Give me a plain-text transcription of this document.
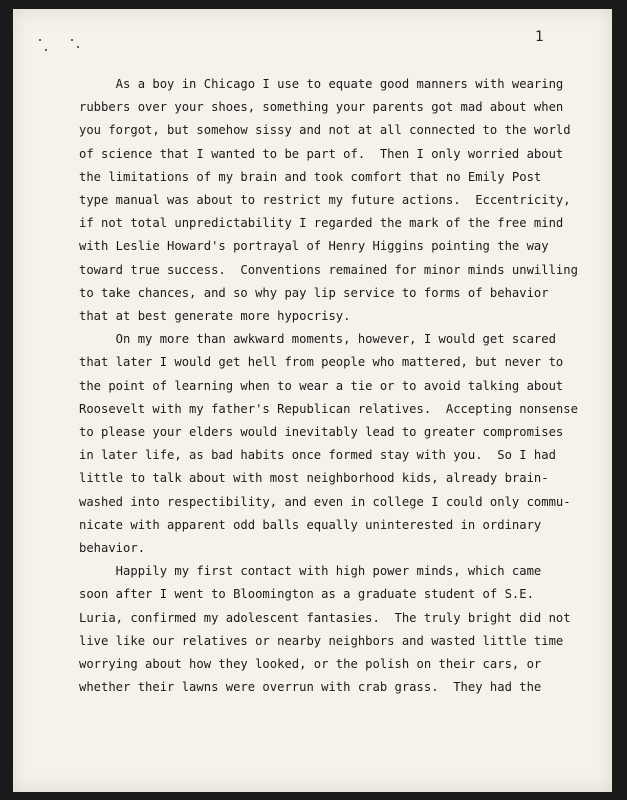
1

As a boy in Chicago I use to equate good manners with wearing

rubbers over your shoes, something your parents got mad about when

you forgot, but somehow sissy and not at all connected to the world

of science that I wanted to be part of.  Then I only worried about

the limitations of my brain and took comfort that no Emily Post

type manual was about to restrict my future actions.  Eccentricity,

if not total unpredictability I regarded the mark of the free mind

with Leslie Howard's portrayal of Henry Higgins pointing the way

toward true success.  Conventions remained for minor minds unwilling

to take chances, and so why pay lip service to forms of behavior

that at best generate more hypocrisy.

On my more than awkward moments, however, I would get scared

that later I would get hell from people who mattered, but never to

the point of learning when to wear a tie or to avoid talking about

Roosevelt with my father's Republican relatives.  Accepting nonsense

to please your elders would inevitably lead to greater compromises

in later life, as bad habits once formed stay with you.  So I had

little to talk about with most neighborhood kids, already brain-

washed into respectibility, and even in college I could only commu-

nicate with apparent odd balls equally uninterested in ordinary

behavior.

Happily my first contact with high power minds, which came

soon after I went to Bloomington as a graduate student of S.E.

Luria, confirmed my adolescent fantasies.  The truly bright did not

live like our relatives or nearby neighbors and wasted little time

worrying about how they looked, or the polish on their cars, or

whether their lawns were overrun with crab grass.  They had the
